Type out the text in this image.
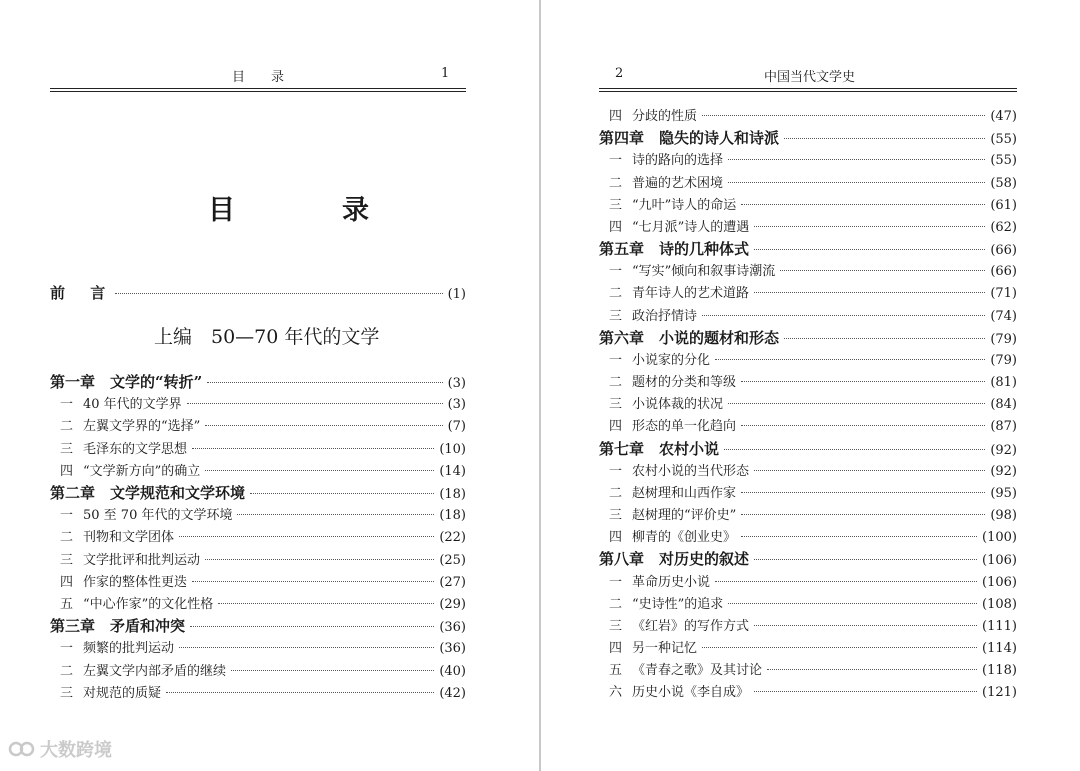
目　　录	1
目　录
前 言	(1)
上编　50—70 年代的文学
第一章 文学的“转折”	(3)
一 40 年代的文学界	(3)
二 左翼文学界的“选择”	(7)
三 毛泽东的文学思想	(10)
四 “文学新方向”的确立	(14)
第二章 文学规范和文学环境	(18)
一 50 至 70 年代的文学环境	(18)
二 刊物和文学团体	(22)
三 文学批评和批判运动	(25)
四 作家的整体性更迭	(27)
五 “中心作家”的文化性格	(29)
第三章 矛盾和冲突	(36)
一 频繁的批判运动	(36)
二 左翼文学内部矛盾的继续	(40)
三 对规范的质疑	(42)
2	中国当代文学史
四 分歧的性质	(47)
第四章 隐失的诗人和诗派	(55)
一 诗的路向的选择	(55)
二 普遍的艺术困境	(58)
三 “九叶”诗人的命运	(61)
四 “七月派”诗人的遭遇	(62)
第五章 诗的几种体式	(66)
一 “写实”倾向和叙事诗潮流	(66)
二 青年诗人的艺术道路	(71)
三 政治抒情诗	(74)
第六章 小说的题材和形态	(79)
一 小说家的分化	(79)
二 题材的分类和等级	(81)
三 小说体裁的状况	(84)
四 形态的单一化趋向	(87)
第七章 农村小说	(92)
一 农村小说的当代形态	(92)
二 赵树理和山西作家	(95)
三 赵树理的“评价史”	(98)
四 柳青的《创业史》	(100)
第八章 对历史的叙述	(106)
一 革命历史小说	(106)
二 “史诗性”的追求	(108)
三 《红岩》的写作方式	(111)
四 另一种记忆	(114)
五 《青春之歌》及其讨论	(118)
六 历史小说《李自成》	(121)
大数跨境
